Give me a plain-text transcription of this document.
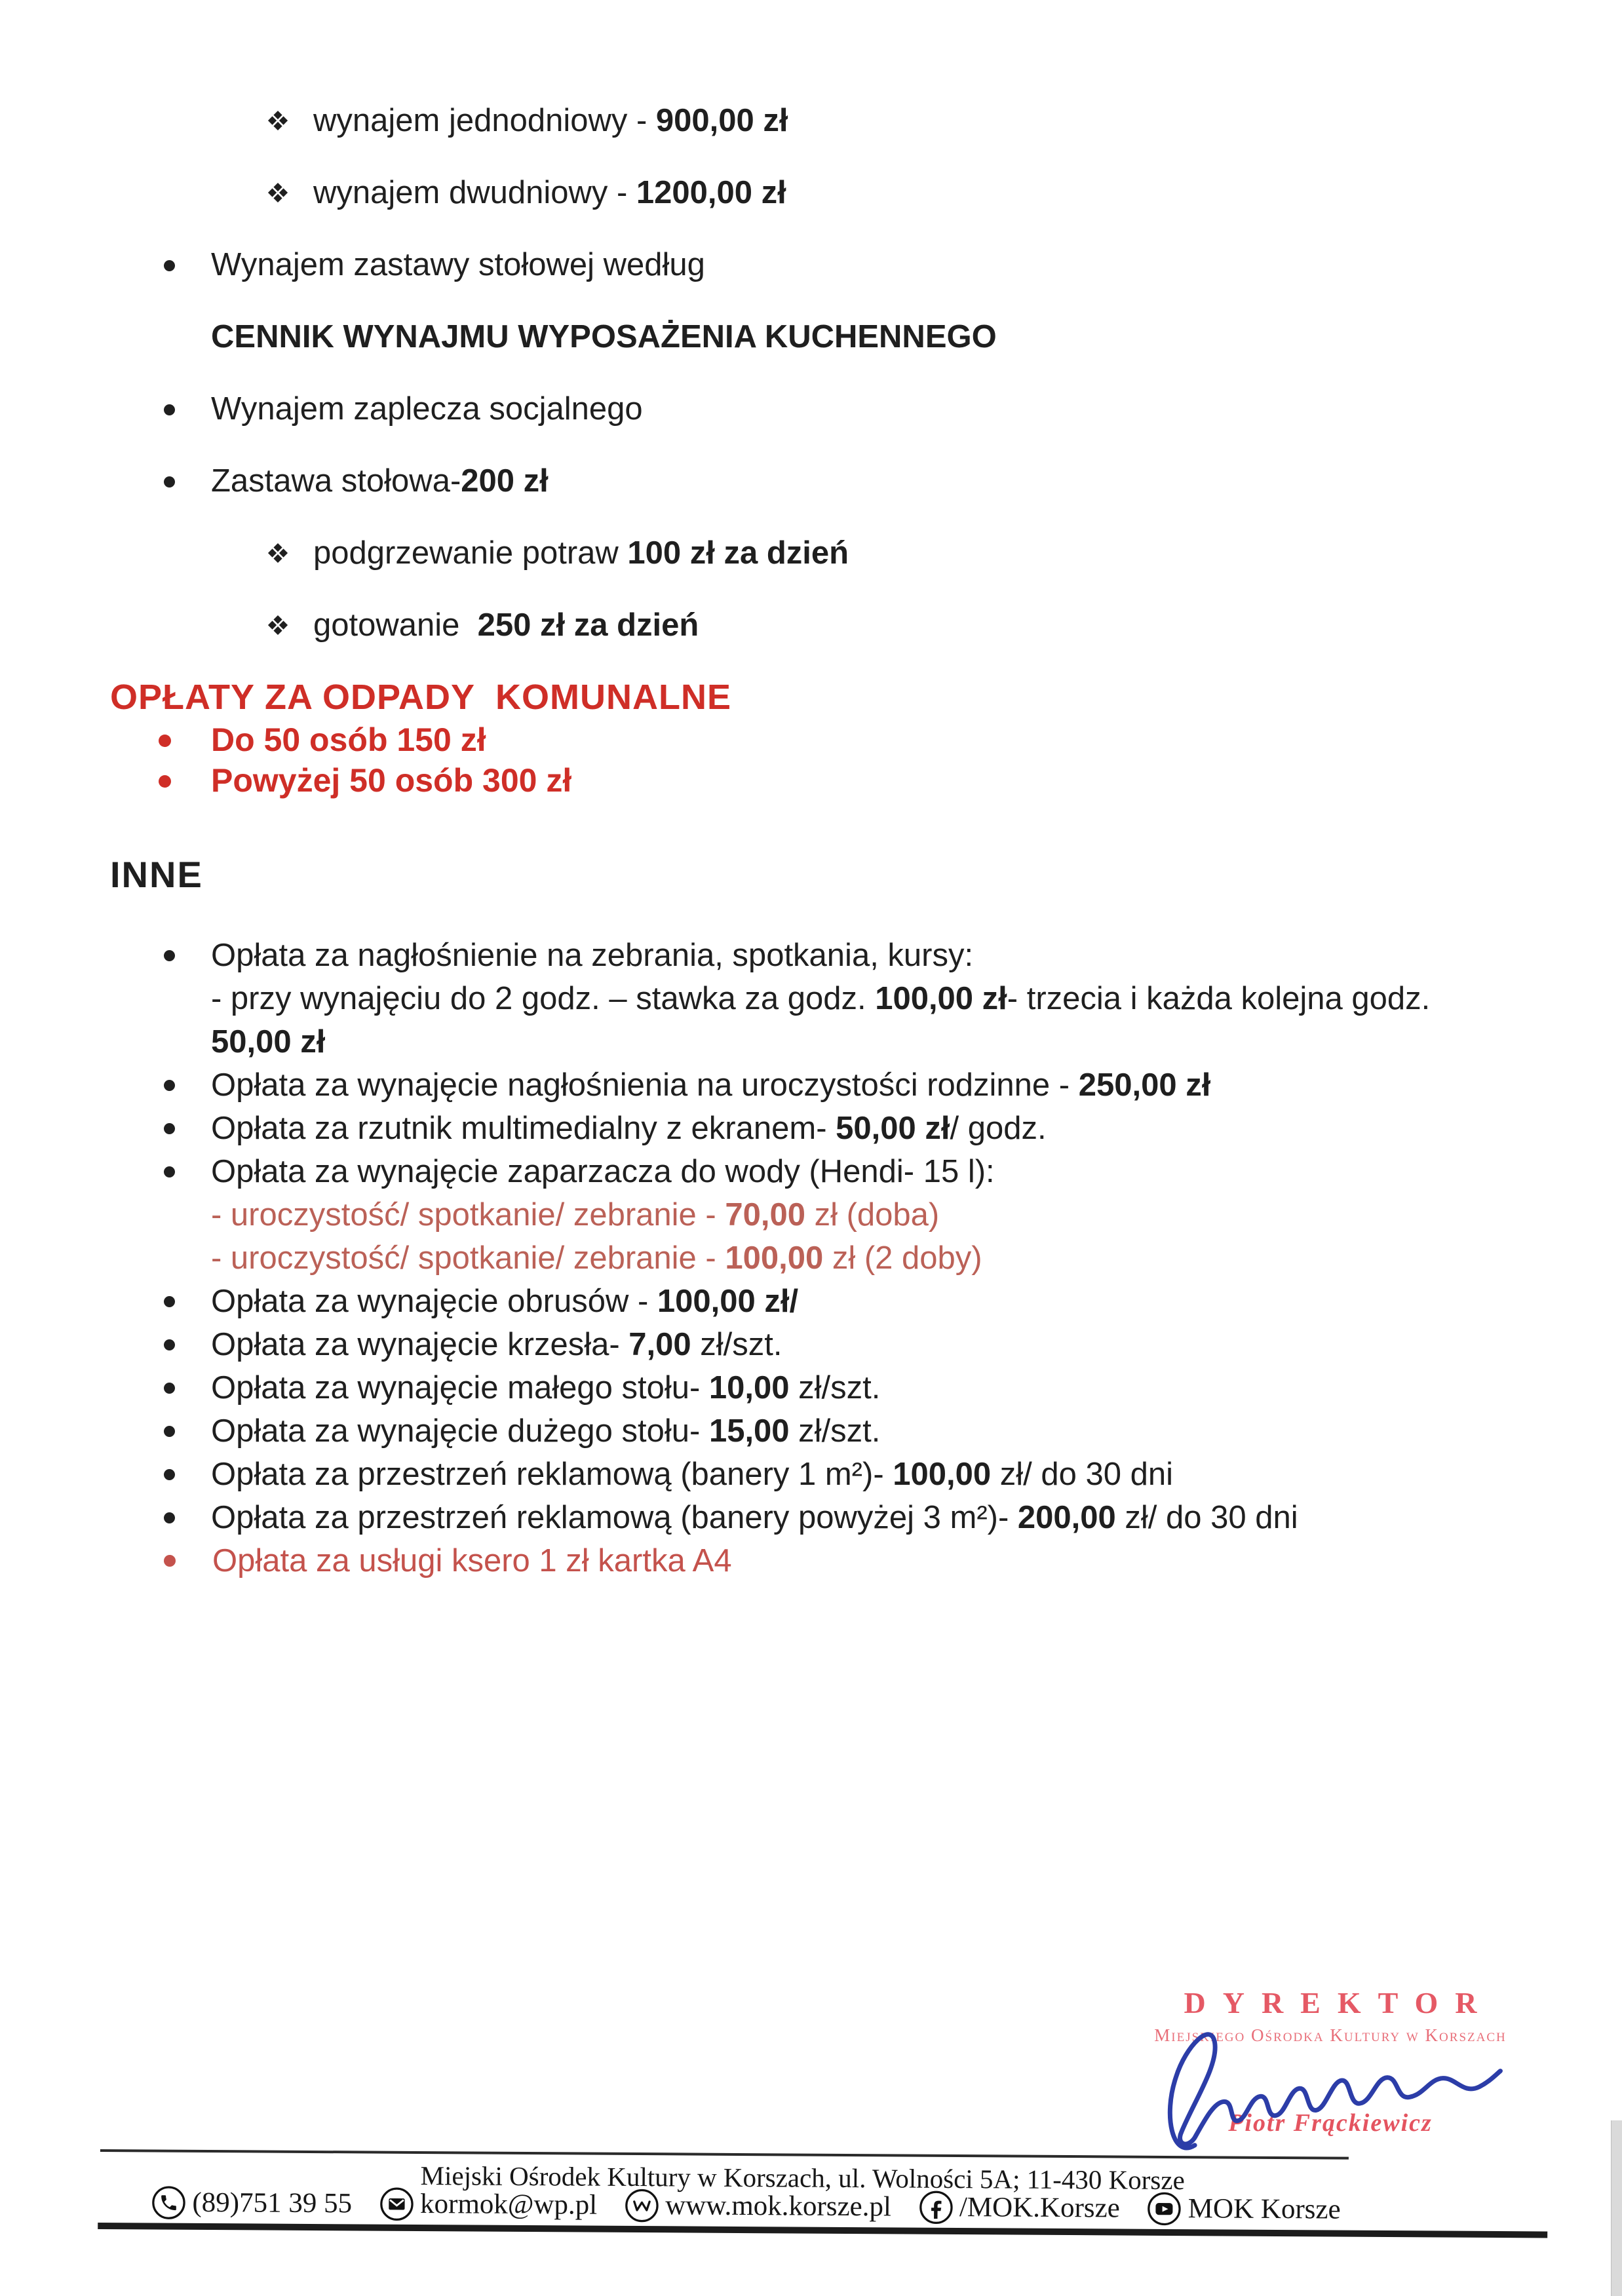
wynajem jednodniowy - 900,00 zł
wynajem dwudniowy - 1200,00 zł
Wynajem zastawy stołowej według
CENNIK WYNAJMU WYPOSAŻENIA KUCHENNEGO
Wynajem zaplecza socjalnego
Zastawa stołowa-200 zł
podgrzewanie potraw 100 zł za dzień
gotowanie  250 zł za dzień
OPŁATY ZA ODPADY  KOMUNALNE
Do 50 osób 150 zł
Powyżej 50 osób 300 zł
INNE
Opłata za nagłośnienie na zebrania, spotkania, kursy:
- przy wynajęciu do 2 godz. – stawka za godz. 100,00 zł- trzecia i każda kolejna godz.
50,00 zł
Opłata za wynajęcie nagłośnienia na uroczystości rodzinne - 250,00 zł
Opłata za rzutnik multimedialny z ekranem- 50,00 zł/ godz.
Opłata za wynajęcie zaparzacza do wody (Hendi- 15 l):
- uroczystość/ spotkanie/ zebranie - 70,00 zł (doba)
- uroczystość/ spotkanie/ zebranie - 100,00 zł (2 doby)
Opłata za wynajęcie obrusów - 100,00 zł/
Opłata za wynajęcie krzesła- 7,00 zł/szt.
Opłata za wynajęcie małego stołu- 10,00 zł/szt.
Opłata za wynajęcie dużego stołu- 15,00 zł/szt.
Opłata za przestrzeń reklamową (banery 1 m²)- 100,00 zł/ do 30 dni
Opłata za przestrzeń reklamową (banery powyżej 3 m²)- 200,00 zł/ do 30 dni
Opłata za usługi ksero 1 zł kartka A4
DYREKTOR
Miejskiego Ośrodka Kultury w Korszach
Piotr Frąckiewicz
Miejski Ośrodek Kultury w Korszach, ul. Wolności 5A; 11-430 Korsze
(89)751 39 55 kormok@wp.pl www.mok.korsze.pl /MOK.Korsze MOK Korsze
